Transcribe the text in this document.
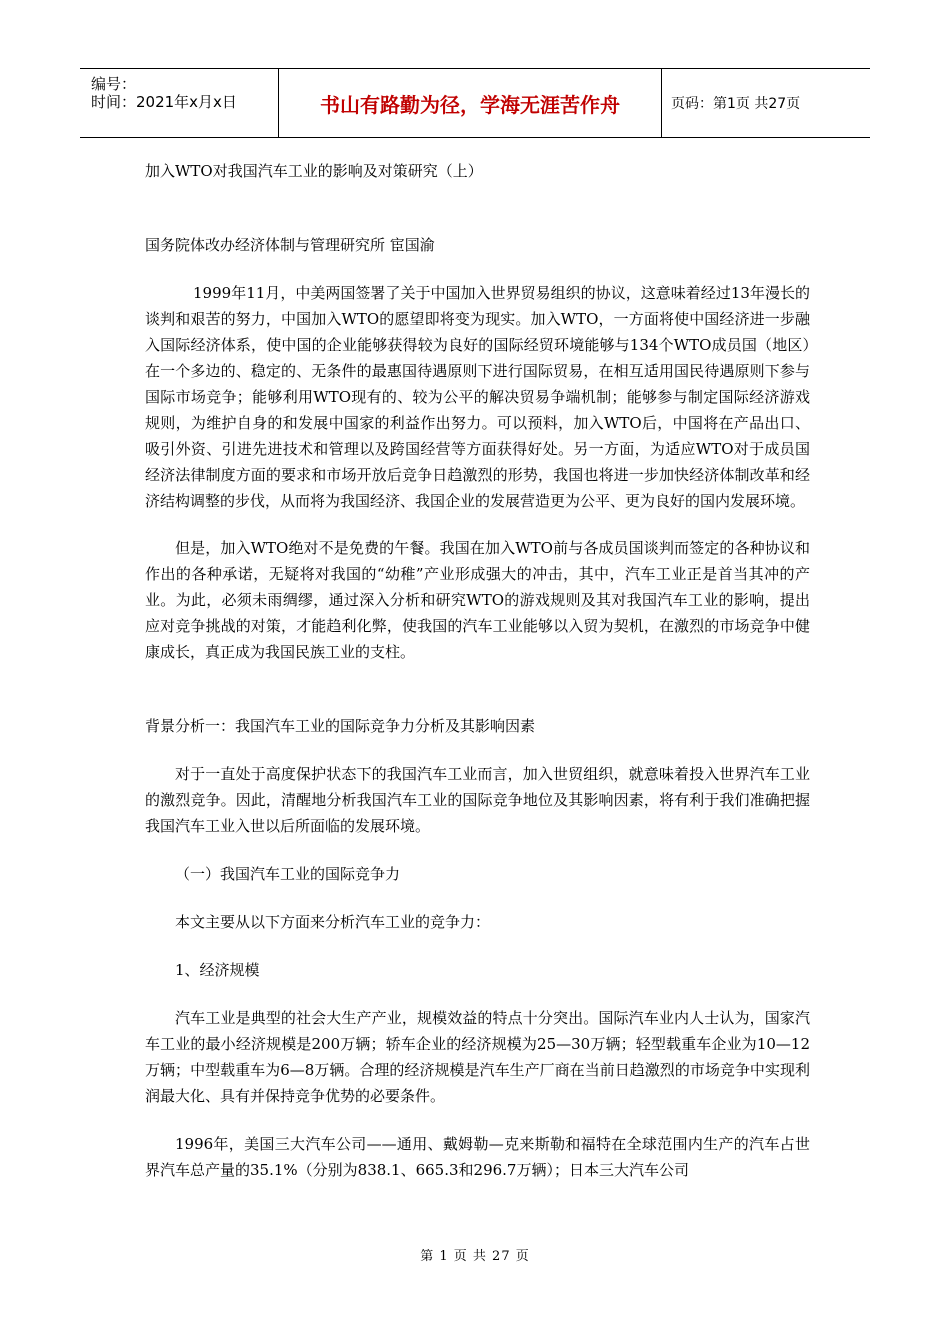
编号：
时间：2021年x月x日	书山有路勤为径，学海无涯苦作舟	页码：第1页 共27页

加入WTO对我国汽车工业的影响及对策研究（上）

国务院体改办经济体制与管理研究所 宦国渝

1999年11月，中美两国签署了关于中国加入世界贸易组织的协议，这意味着经过13年漫长的谈判和艰苦的努力，中国加入WTO的愿望即将变为现实。加入WTO，一方面将使中国经济进一步融入国际经济体系，使中国的企业能够获得较为良好的国际经贸环境能够与134个WTO成员国（地区）在一个多边的、稳定的、无条件的最惠国待遇原则下进行国际贸易，在相互适用国民待遇原则下参与国际市场竞争；能够利用WTO现有的、较为公平的解决贸易争端机制；能够参与制定国际经济游戏规则，为维护自身的和发展中国家的利益作出努力。可以预料，加入WTO后，中国将在产品出口、吸引外资、引进先进技术和管理以及跨国经营等方面获得好处。另一方面，为适应WTO对于成员国经济法律制度方面的要求和市场开放后竞争日趋激烈的形势，我国也将进一步加快经济体制改革和经济结构调整的步伐，从而将为我国经济、我国企业的发展营造更为公平、更为良好的国内发展环境。

但是，加入WTO绝对不是免费的午餐。我国在加入WTO前与各成员国谈判而签定的各种协议和作出的各种承诺，无疑将对我国的“幼稚”产业形成强大的冲击，其中，汽车工业正是首当其冲的产业。为此，必须未雨绸缪，通过深入分析和研究WTO的游戏规则及其对我国汽车工业的影响，提出应对竞争挑战的对策，才能趋利化弊，使我国的汽车工业能够以入贸为契机，在激烈的市场竞争中健康成长，真正成为我国民族工业的支柱。

背景分析一：我国汽车工业的国际竞争力分析及其影响因素

对于一直处于高度保护状态下的我国汽车工业而言，加入世贸组织，就意味着投入世界汽车工业的激烈竞争。因此，清醒地分析我国汽车工业的国际竞争地位及其影响因素，将有利于我们准确把握我国汽车工业入世以后所面临的发展环境。

（一）我国汽车工业的国际竞争力

本文主要从以下方面来分析汽车工业的竞争力：

1、经济规模

汽车工业是典型的社会大生产产业，规模效益的特点十分突出。国际汽车业内人士认为，国家汽车工业的最小经济规模是200万辆；轿车企业的经济规模为25—30万辆；轻型载重车企业为10—12万辆；中型载重车为6—8万辆。合理的经济规模是汽车生产厂商在当前日趋激烈的市场竞争中实现利润最大化、具有并保持竞争优势的必要条件。

1996年，美国三大汽车公司——通用、戴姆勒—克来斯勒和福特在全球范围内生产的汽车占世界汽车总产量的35.1%（分别为838.1、665.3和296.7万辆）；日本三大汽车公司

第 1 页 共 27 页
